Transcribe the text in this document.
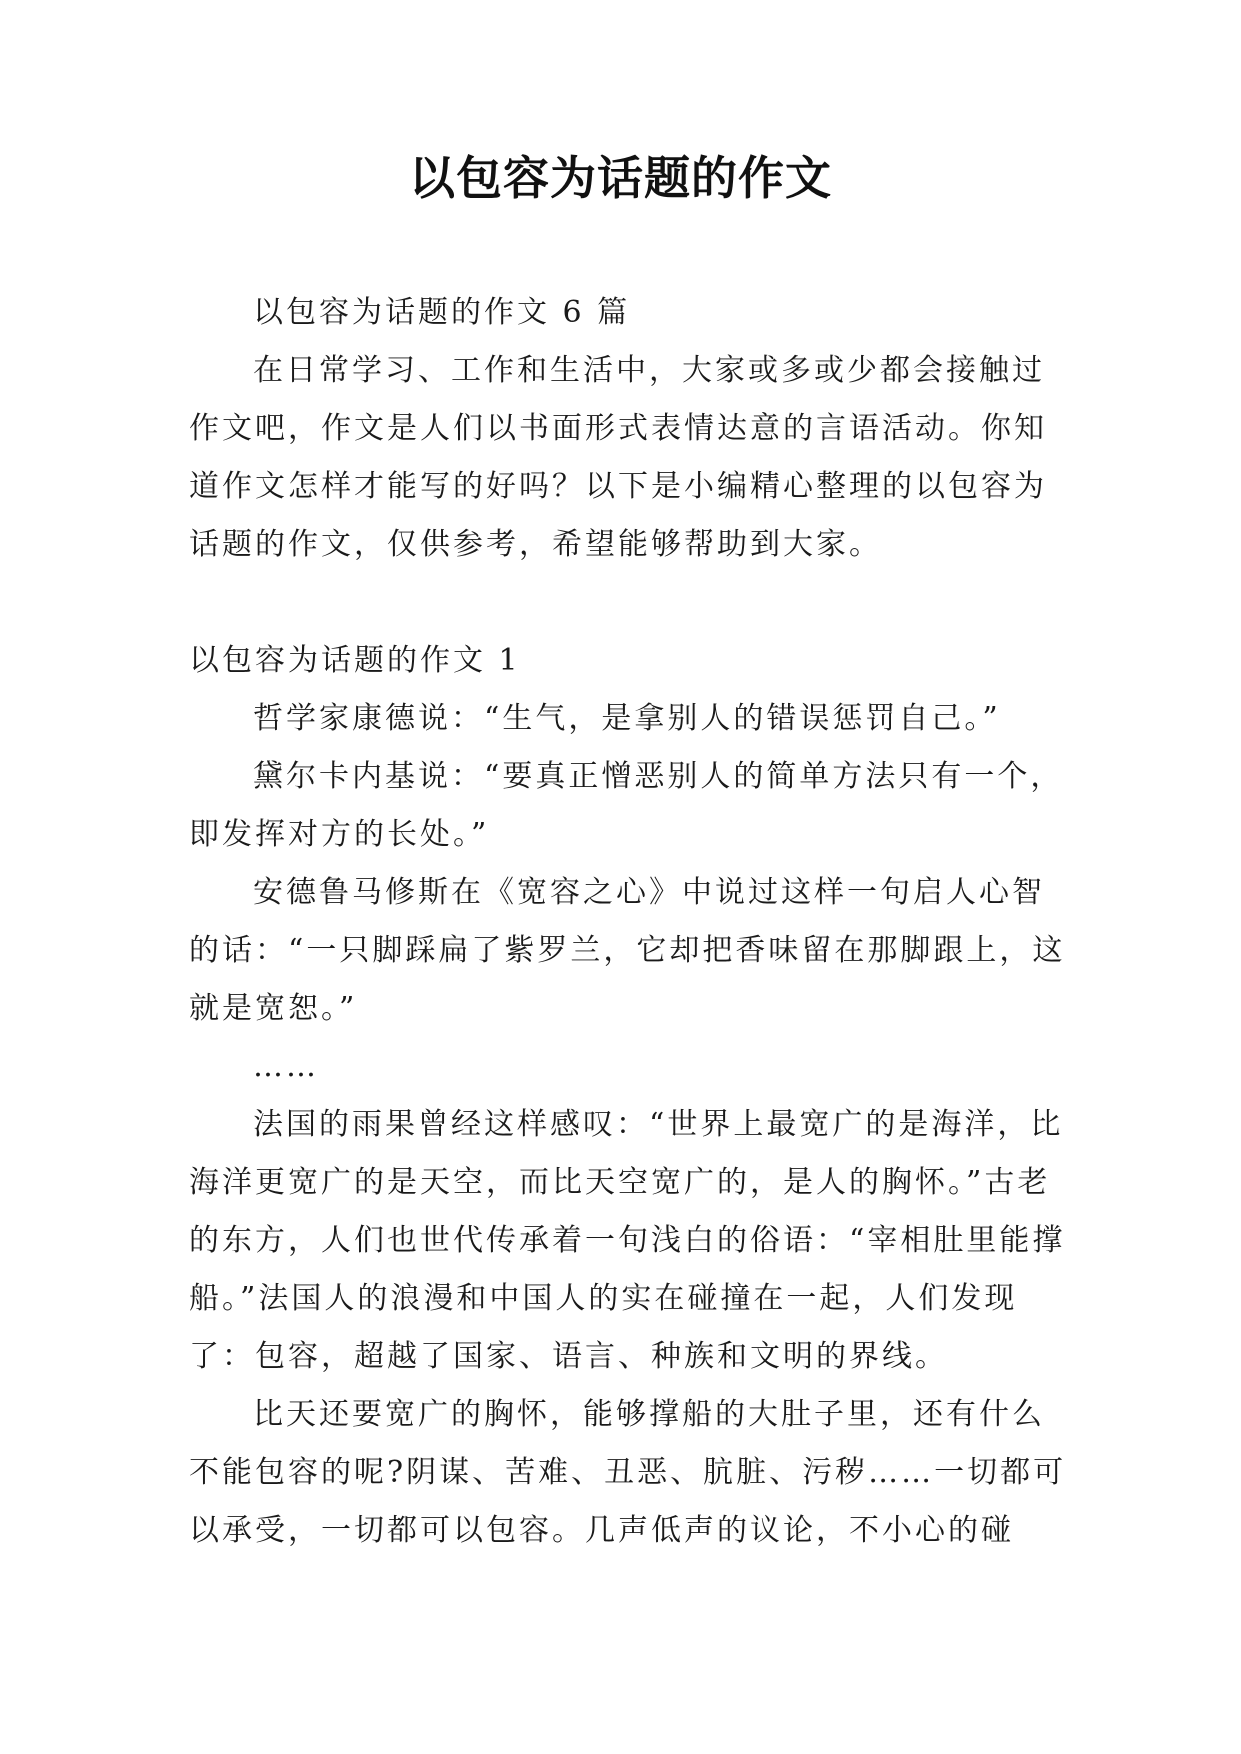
以包容为话题的作文

以包容为话题的作文 6 篇

在日常学习、工作和生活中，大家或多或少都会接触过作文吧，作文是人们以书面形式表情达意的言语活动。你知道作文怎样才能写的好吗？以下是小编精心整理的以包容为话题的作文，仅供参考，希望能够帮助到大家。

以包容为话题的作文 1

哲学家康德说：“生气，是拿别人的错误惩罚自己。”

黛尔卡内基说：“要真正憎恶别人的简单方法只有一个，即发挥对方的长处。”

安德鲁马修斯在《宽容之心》中说过这样一句启人心智的话：“一只脚踩扁了紫罗兰，它却把香味留在那脚跟上，这就是宽恕。”

……

法国的雨果曾经这样感叹：“世界上最宽广的是海洋，比海洋更宽广的是天空，而比天空宽广的，是人的胸怀。”古老的东方，人们也世代传承着一句浅白的俗语：“宰相肚里能撑船。”法国人的浪漫和中国人的实在碰撞在一起，人们发现了：包容，超越了国家、语言、种族和文明的界线。

比天还要宽广的胸怀，能够撑船的大肚子里，还有什么不能包容的呢?阴谋、苦难、丑恶、肮脏、污秽……一切都可以承受，一切都可以包容。几声低声的议论，不小心的碰
